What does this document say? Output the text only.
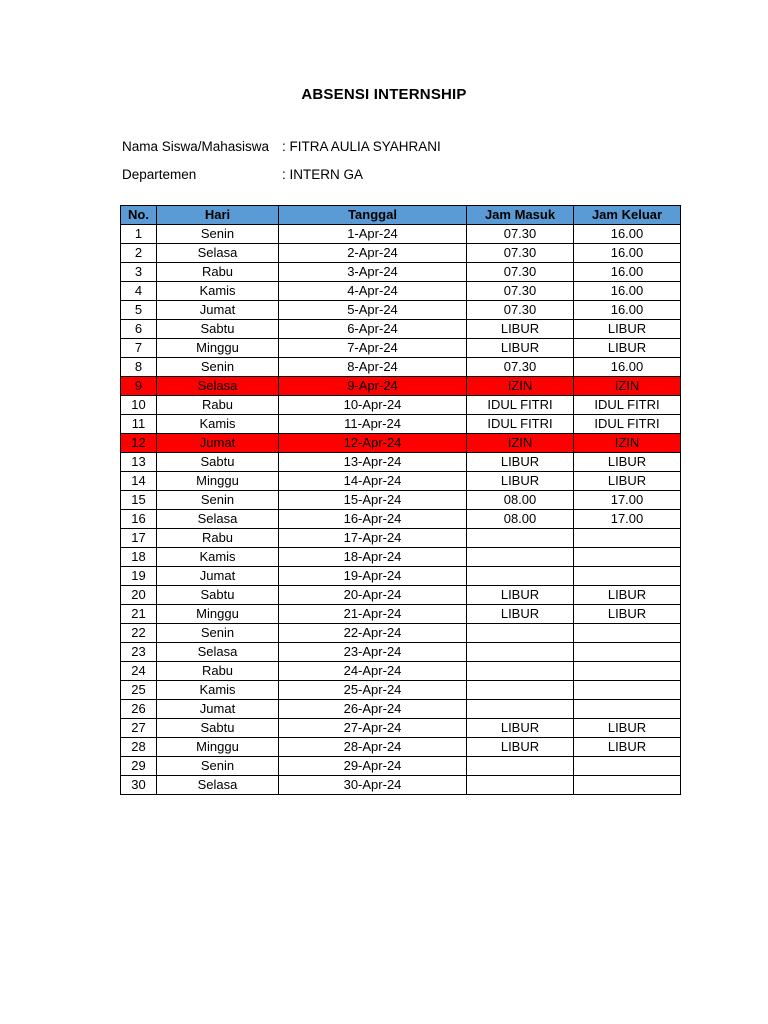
ABSENSI INTERNSHIP
Nama Siswa/Mahasiswa : FITRA AULIA SYAHRANI
Departemen	: INTERN GA
No.	Hari	Tanggal	Jam Masuk	Jam Keluar
1	Senin	1-Apr-24	07.30	16.00
2	Selasa	2-Apr-24	07.30	16.00
3	Rabu	3-Apr-24	07.30	16.00
4	Kamis	4-Apr-24	07.30	16.00
5	Jumat	5-Apr-24	07.30	16.00
6	Sabtu	6-Apr-24	LIBUR	LIBUR
7	Minggu	7-Apr-24	LIBUR	LIBUR
8	Senin	8-Apr-24	07.30	16.00
9	Selasa	9-Apr-24	IZIN	IZIN
10	Rabu	10-Apr-24	IDUL FITRI	IDUL FITRI
11	Kamis	11-Apr-24	IDUL FITRI	IDUL FITRI
12	Jumat	12-Apr-24	IZIN	IZIN
13	Sabtu	13-Apr-24	LIBUR	LIBUR
14	Minggu	14-Apr-24	LIBUR	LIBUR
15	Senin	15-Apr-24	08.00	17.00
16	Selasa	16-Apr-24	08.00	17.00
17	Rabu	17-Apr-24		
18	Kamis	18-Apr-24		
19	Jumat	19-Apr-24		
20	Sabtu	20-Apr-24	LIBUR	LIBUR
21	Minggu	21-Apr-24	LIBUR	LIBUR
22	Senin	22-Apr-24		
23	Selasa	23-Apr-24		
24	Rabu	24-Apr-24		
25	Kamis	25-Apr-24		
26	Jumat	26-Apr-24		
27	Sabtu	27-Apr-24	LIBUR	LIBUR
28	Minggu	28-Apr-24	LIBUR	LIBUR
29	Senin	29-Apr-24		
30	Selasa	30-Apr-24		
